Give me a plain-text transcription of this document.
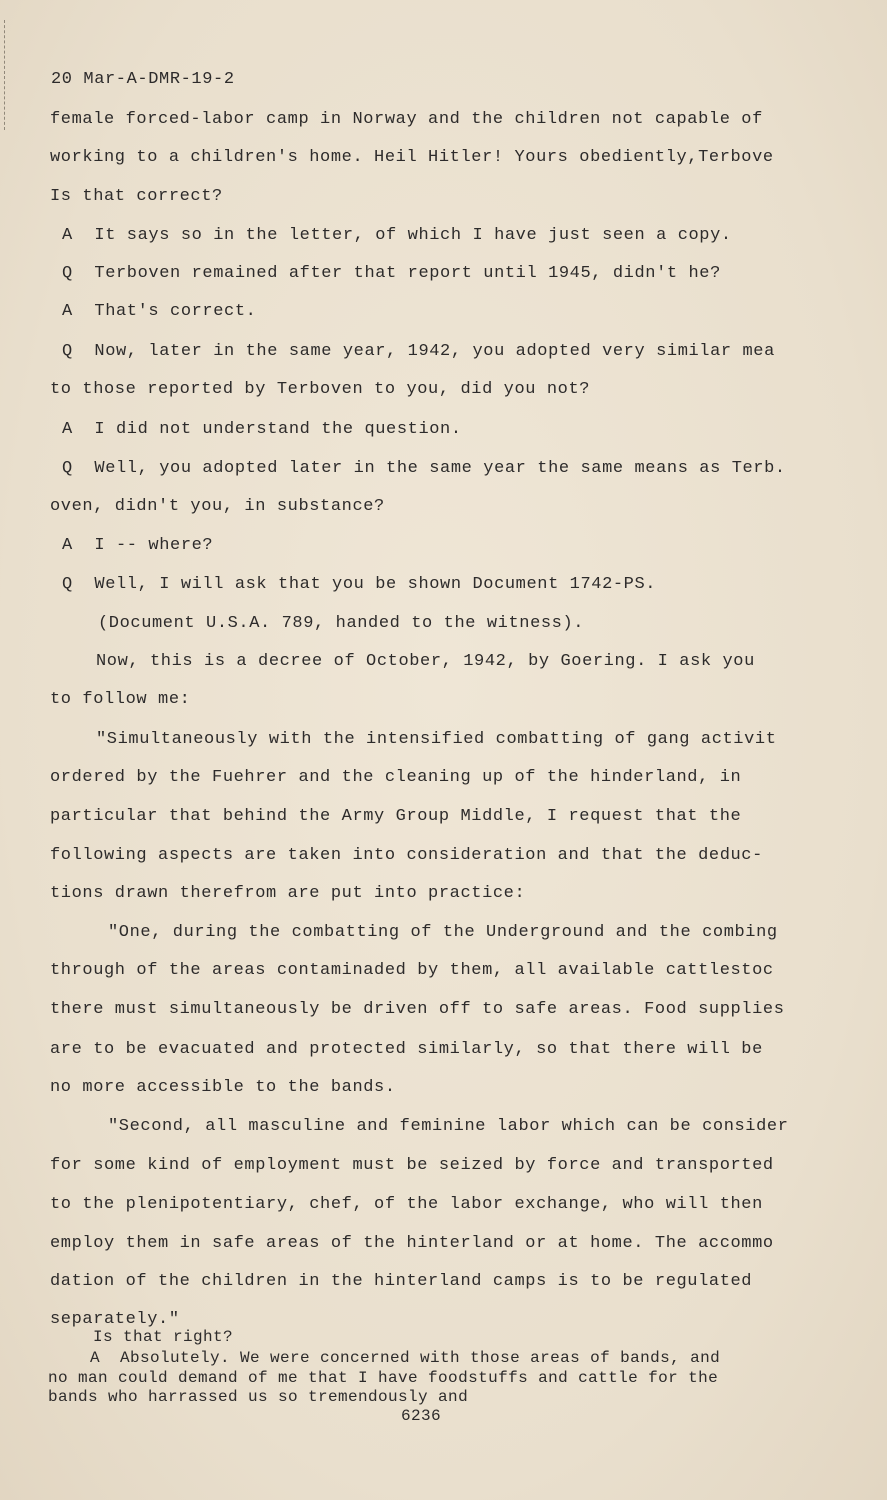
20 Mar-A-DMR-19-2
female forced-labor camp in Norway and the children not capable of
working to a children's home. Heil Hitler! Yours obediently,Terbove
Is that correct?
A  It says so in the letter, of which I have just seen a copy.
Q  Terboven remained after that report until 1945, didn't he?
A  That's correct.
Q  Now, later in the same year, 1942, you adopted very similar mea
to those reported by Terboven to you, did you not?
A  I did not understand the question.
Q  Well, you adopted later in the same year the same means as Terb.
oven, didn't you, in substance?
A  I -- where?
Q  Well, I will ask that you be shown Document 1742-PS.
(Document U.S.A. 789, handed to the witness).
Now, this is a decree of October, 1942, by Goering. I ask you
to follow me:
"Simultaneously with the intensified combatting of gang activit
ordered by the Fuehrer and the cleaning up of the hinderland, in
particular that behind the Army Group Middle, I request that the
following aspects are taken into consideration and that the deduc-
tions drawn therefrom are put into practice:
"One, during the combatting of the Underground and the combing
through of the areas contaminaded by them, all available cattlestoc
there must simultaneously be driven off to safe areas. Food supplies
are to be evacuated and protected similarly, so that there will be
no more accessible to the bands.
"Second, all masculine and feminine labor which can be consider
for some kind of employment must be seized by force and transported
to the plenipotentiary, chef, of the labor exchange, who will then
employ them in safe areas of the hinterland or at home. The accommo
dation of the children in the hinterland camps is to be regulated
separately."
Is that right?
A  Absolutely. We were concerned with those areas of bands, and
no man could demand of me that I have foodstuffs and cattle for the
bands who harrassed us so tremendously and
6236
